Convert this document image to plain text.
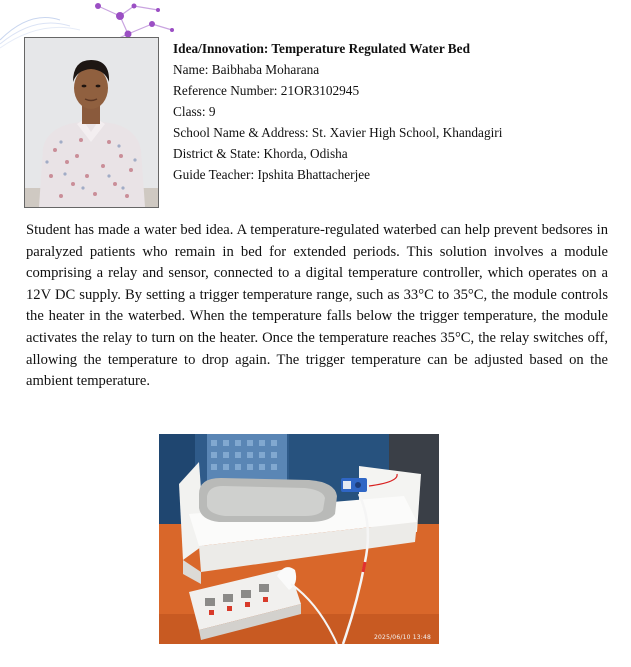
Idea/Innovation: Temperature Regulated Water Bed
Name: Baibhaba Moharana
Reference Number: 21OR3102945
Class: 9
School Name & Address: St. Xavier High School, Khandagiri
District & State: Khorda, Odisha
Guide Teacher: Ipshita Bhattacherjee

Student has made a water bed idea. A temperature-regulated waterbed can help prevent bedsores in paralyzed patients who remain in bed for extended periods. This solution involves a module comprising a relay and sensor, connected to a digital temperature controller, which operates on a 12V DC supply. By setting a trigger temperature range, such as 33°C to 35°C, the module controls the heater in the waterbed. When the temperature falls below the trigger temperature, the module activates the relay to turn on the heater. Once the temperature reaches 35°C, the relay switches off, allowing the temperature to drop again. The trigger temperature can be adjusted based on the ambient temperature.

2025/06/10 13:48
